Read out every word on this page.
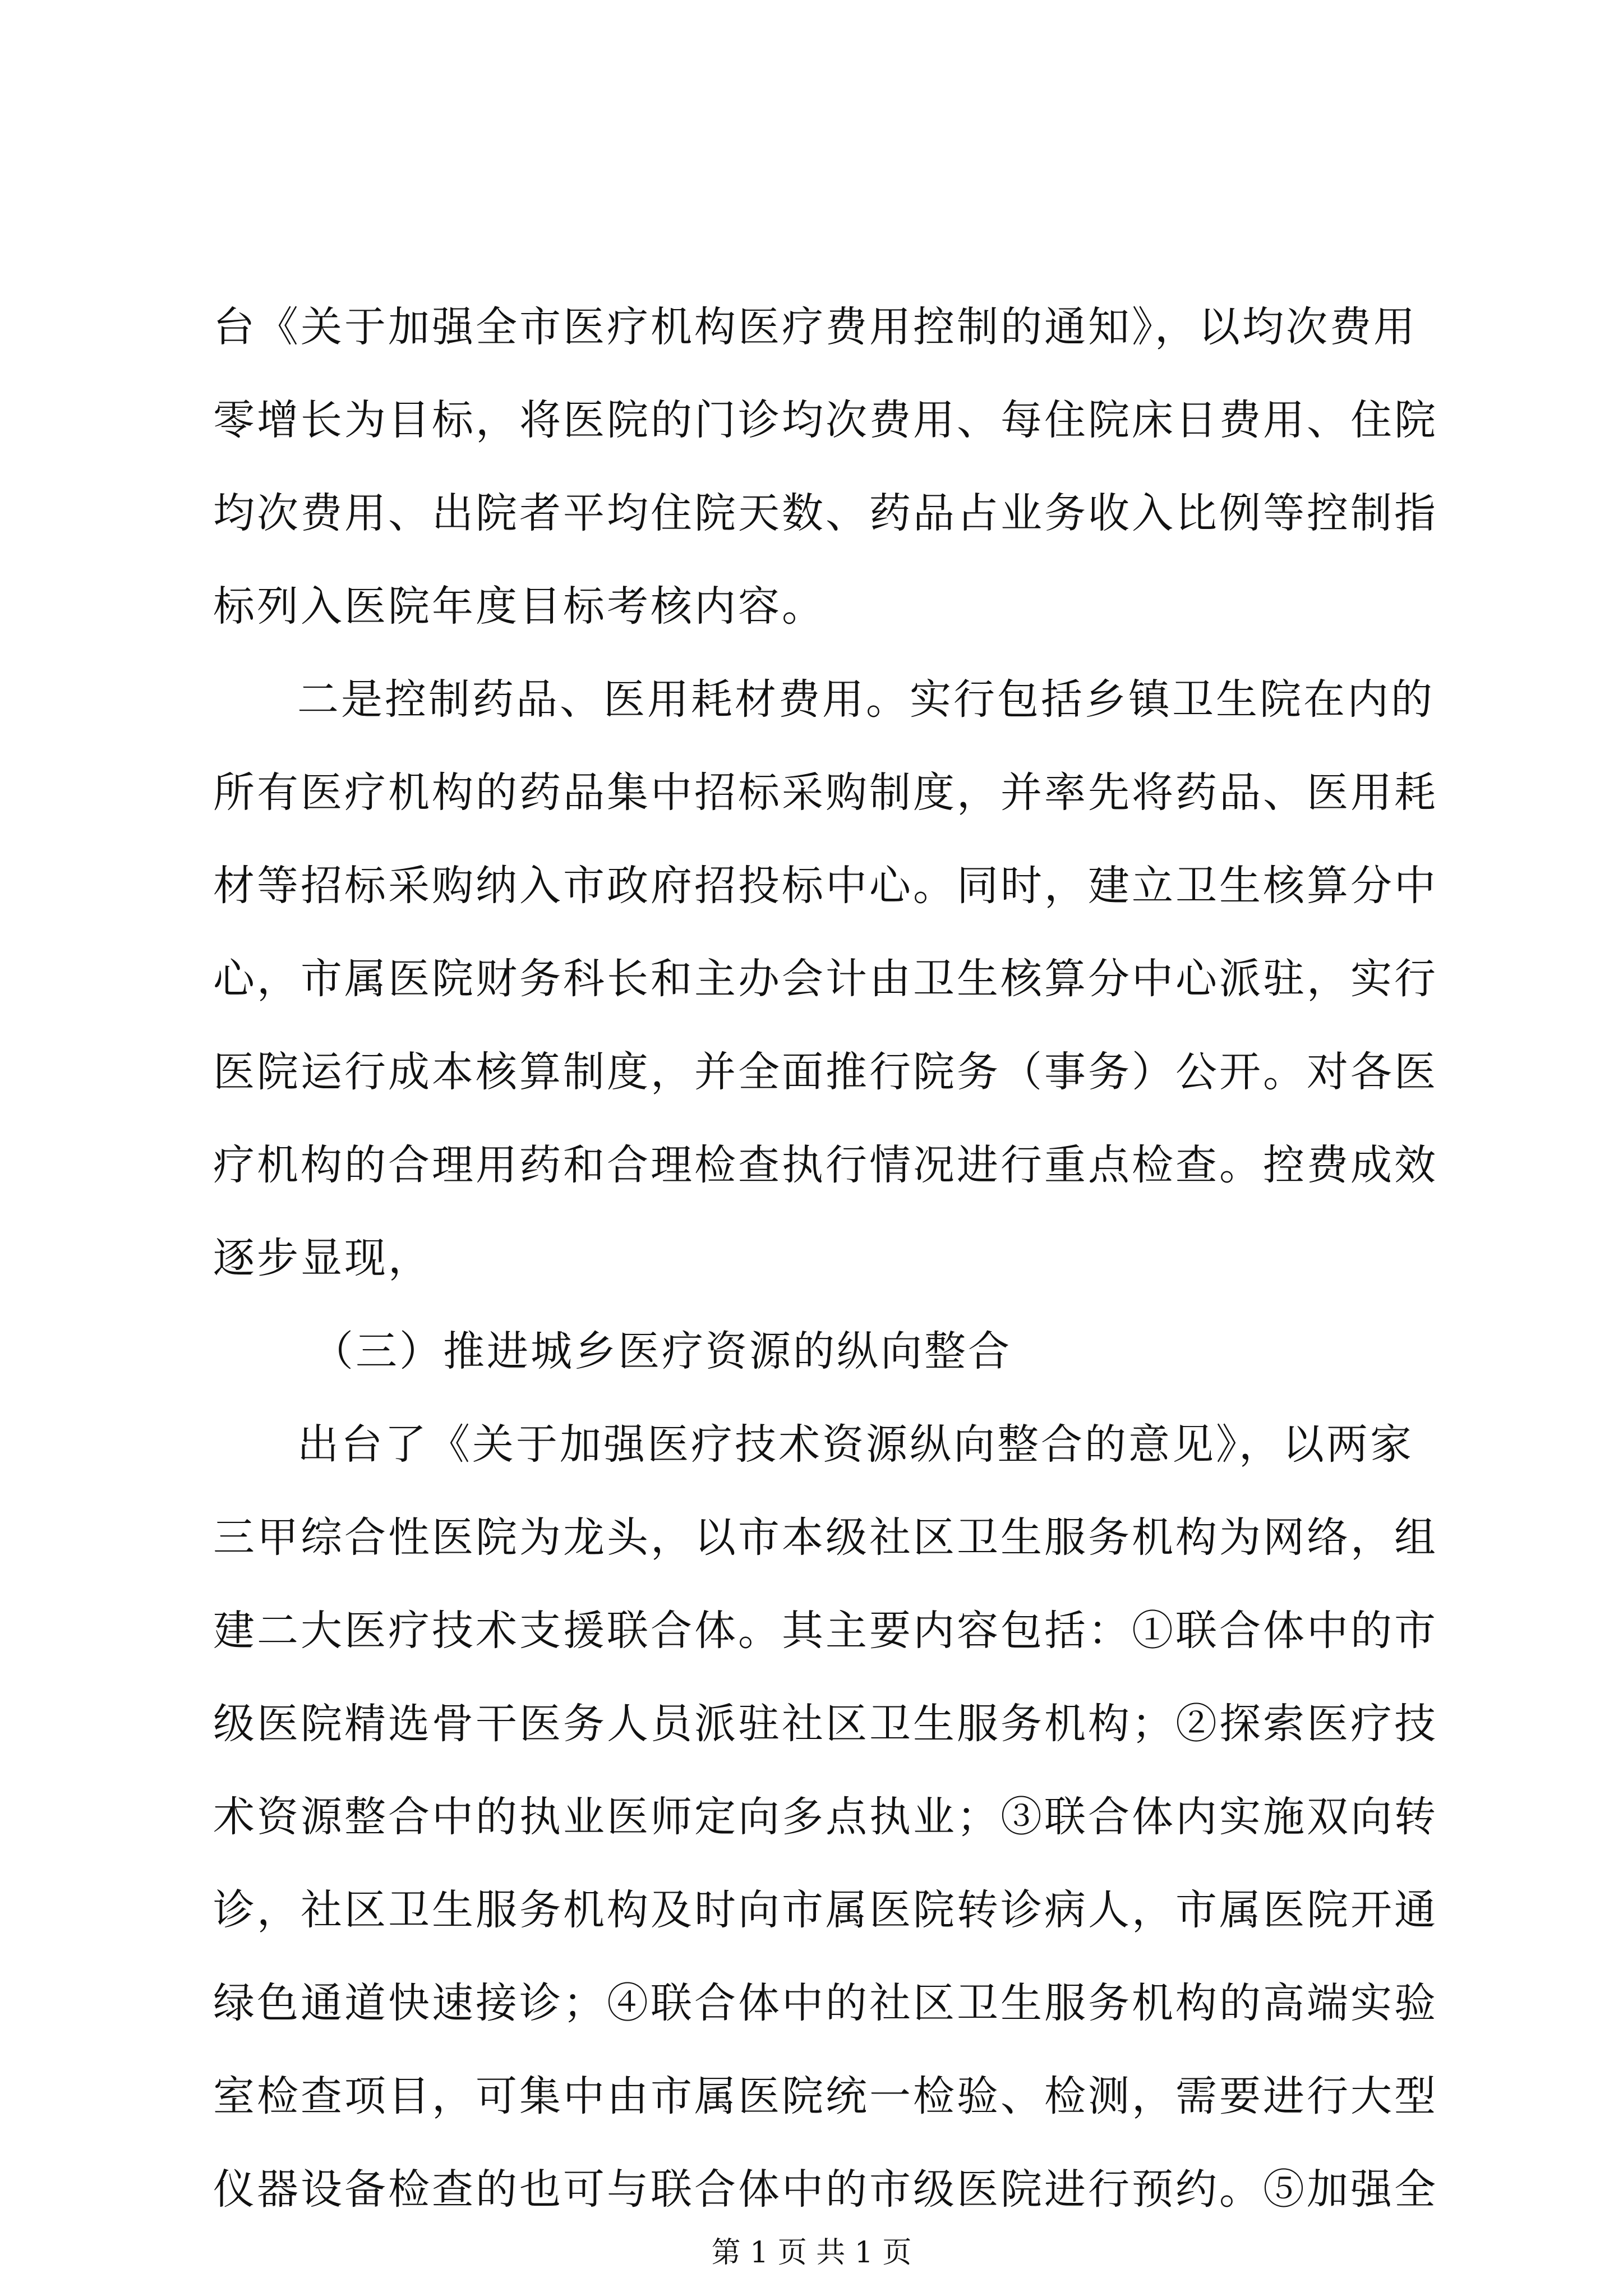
台《关于加强全市医疗机构医疗费用控制的通知》，以均次费用
零增长为目标，将医院的门诊均次费用、每住院床日费用、住院
均次费用、出院者平均住院天数、药品占业务收入比例等控制指
标列入医院年度目标考核内容。
二是控制药品、医用耗材费用。实行包括乡镇卫生院在内的
所有医疗机构的药品集中招标采购制度，并率先将药品、医用耗
材等招标采购纳入市政府招投标中心。同时，建立卫生核算分中
心，市属医院财务科长和主办会计由卫生核算分中心派驻，实行
医院运行成本核算制度，并全面推行院务（事务）公开。对各医
疗机构的合理用药和合理检查执行情况进行重点检查。控费成效
逐步显现，
（三）推进城乡医疗资源的纵向整合
出台了《关于加强医疗技术资源纵向整合的意见》，以两家
三甲综合性医院为龙头，以市本级社区卫生服务机构为网络，组
建二大医疗技术支援联合体。其主要内容包括：①联合体中的市
级医院精选骨干医务人员派驻社区卫生服务机构；②探索医疗技
术资源整合中的执业医师定向多点执业；③联合体内实施双向转
诊，社区卫生服务机构及时向市属医院转诊病人，市属医院开通
绿色通道快速接诊；④联合体中的社区卫生服务机构的高端实验
室检查项目，可集中由市属医院统一检验、检测，需要进行大型
仪器设备检查的也可与联合体中的市级医院进行预约。⑤加强全
第 1 页 共 1 页
